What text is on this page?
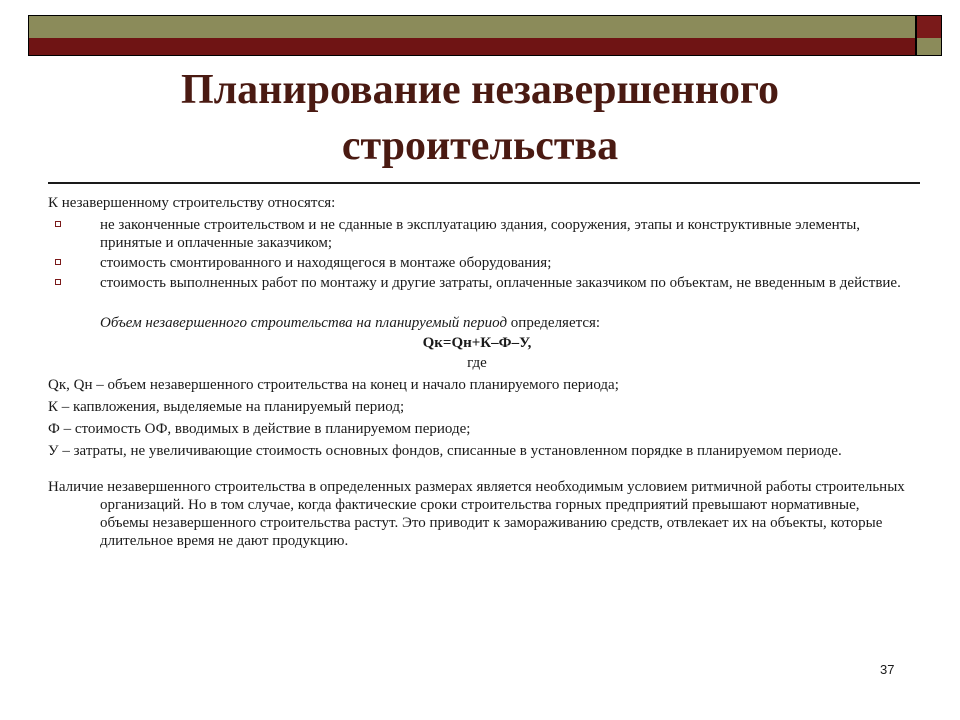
Планирование незавершенного
строительства

К незавершенному строительству относятся:

не законченные строительством и не сданные в эксплуатацию здания, сооружения, этапы и конструктивные элементы, принятые и оплаченные заказчиком;
стоимость смонтированного и находящегося в монтаже оборудования;
стоимость выполненных работ по монтажу и другие затраты, оплаченные заказчиком по объектам, не введенным в действие.

Объем незавершенного строительства на планируемый период определяется:

Qк=Qн+К–Ф–У,

где

Qк, Qн – объем незавершенного строительства на конец и начало планируемого периода;

К – капвложения, выделяемые на планируемый период;

Ф – стоимость ОФ, вводимых в действие в планируемом периоде;

У – затраты, не увеличивающие стоимость основных фондов, списанные в установленном порядке в планируемом периоде.

Наличие незавершенного строительства в определенных размерах является необходимым условием ритмичной работы строительных организаций. Но в том случае, когда фактические сроки строительства горных предприятий превышают нормативные, объемы незавершенного строительства растут. Это приводит к замораживанию средств, отвлекает их на объекты, которые длительное время не дают продукцию.

37
